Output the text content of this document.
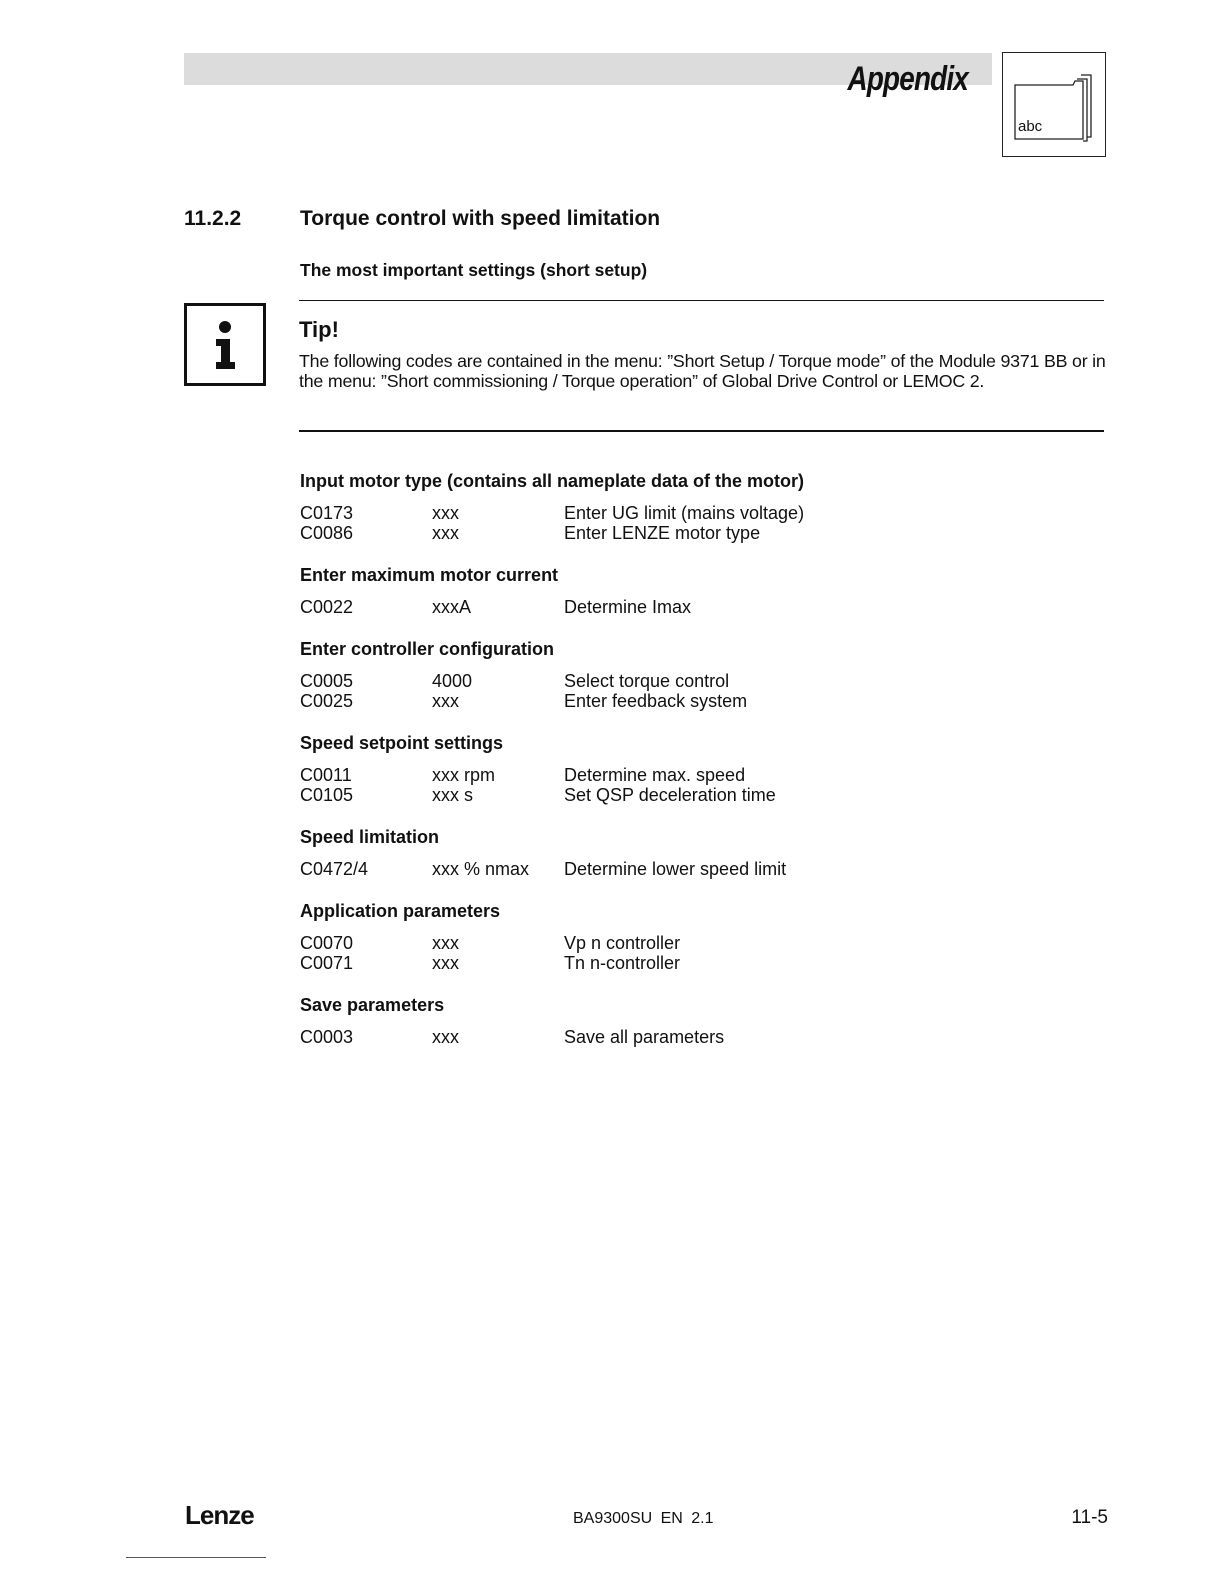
Appendix
abc
11.2.2	Torque control with speed limitation
The most important settings (short setup)
Tip!
The following codes are contained in the menu: ”Short Setup / Torque mode” of the Module 9371 BB or in the menu: ”Short commissioning / Torque operation” of Global Drive Control or LEMOC 2.
Input motor type (contains all nameplate data of the motor)
C0173	xxx	Enter UG limit (mains voltage)
C0086	xxx	Enter LENZE motor type
Enter maximum motor current
C0022	xxxA	Determine Imax
Enter controller configuration
C0005	4000	Select torque control
C0025	xxx	Enter feedback system
Speed setpoint settings
C0011	xxx rpm	Determine max. speed
C0105	xxx s	Set QSP deceleration time
Speed limitation
C0472/4	xxx % nmax	Determine lower speed limit
Application parameters
C0070	xxx	Vp n controller
C0071	xxx	Tn n-controller
Save parameters
C0003	xxx	Save all parameters
Lenze	BA9300SU EN 2.1	11-5
